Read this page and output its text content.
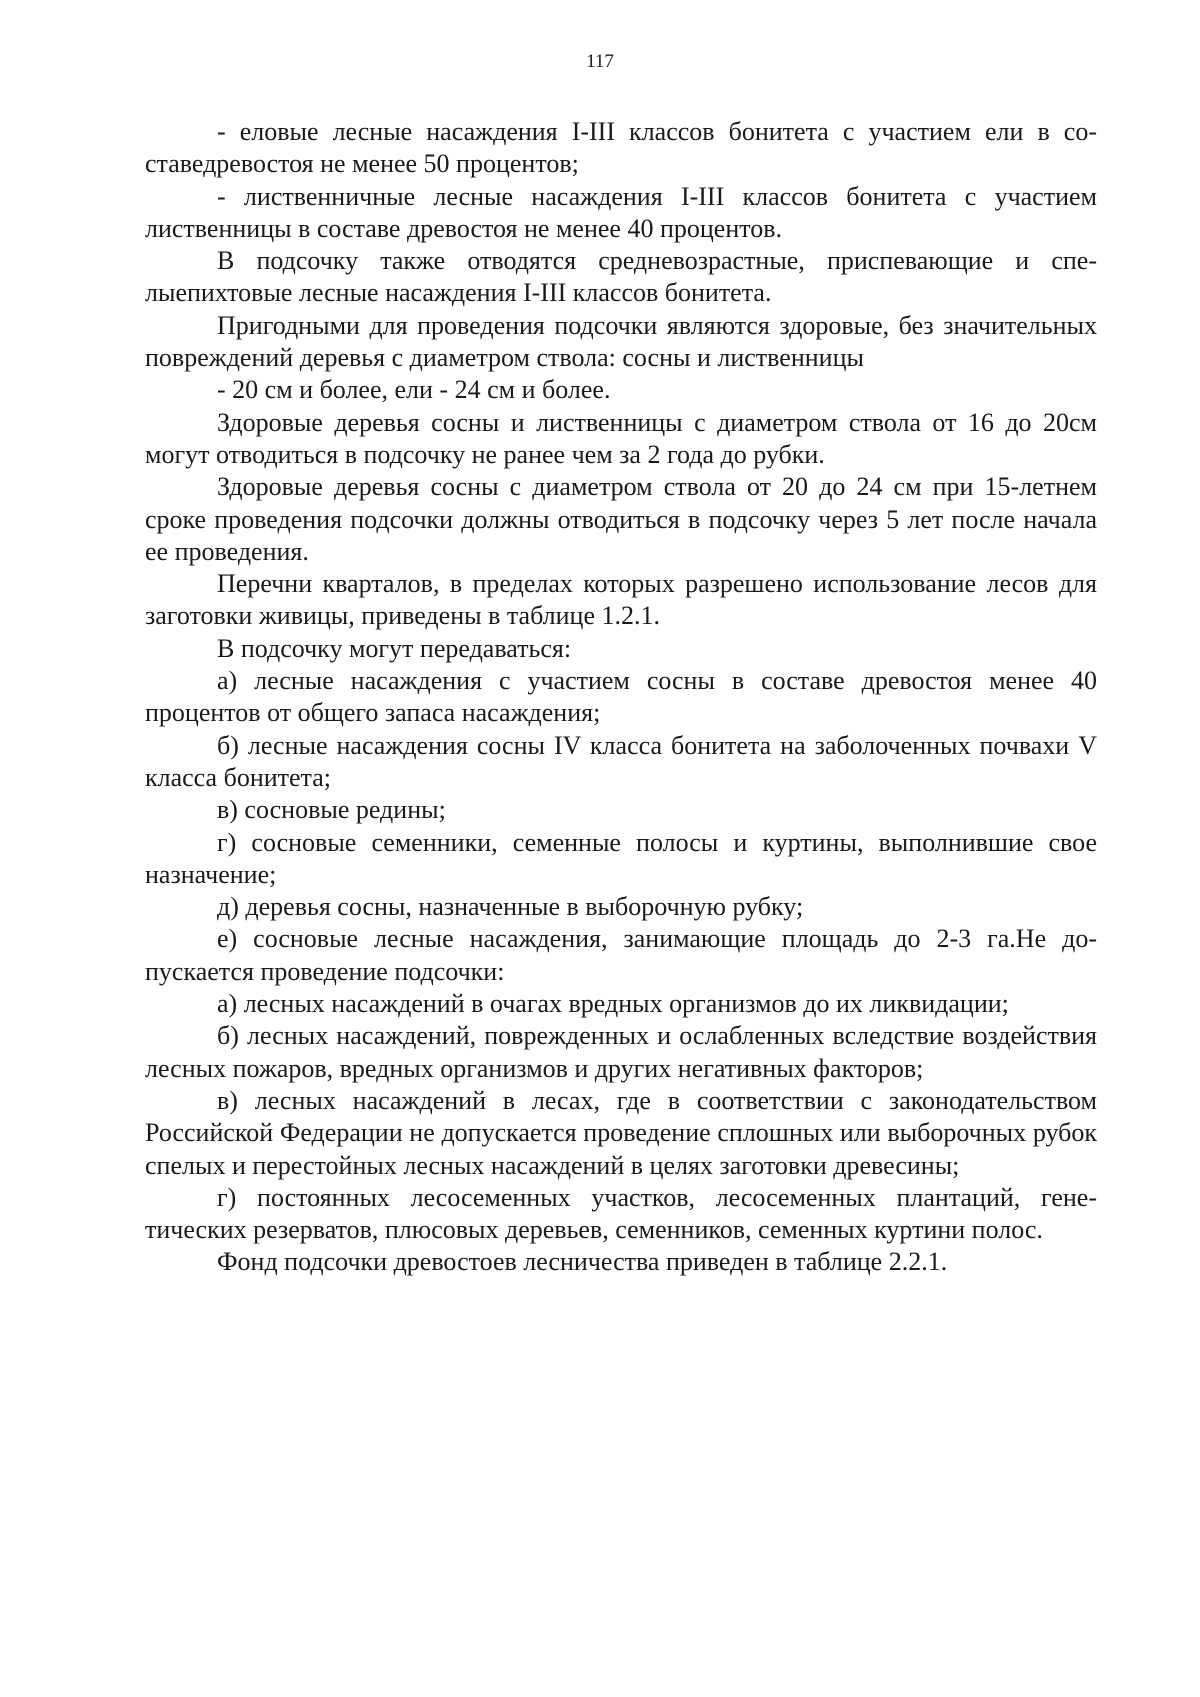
117

- еловые лесные насаждения I-III классов бонитета с участием ели в составедревостоя не менее 50 процентов;

- лиственничные лесные насаждения I-III классов бонитета с участием лиственницы в составе древостоя не менее 40 процентов.

В подсочку также отводятся средневозрастные, приспевающие и спелыепихтовые лесные насаждения I-III классов бонитета.

Пригодными для проведения подсочки являются здоровые, без значительных повреждений деревья с диаметром ствола: сосны и лиственницы

- 20 см и более, ели - 24 см и более.

Здоровые деревья сосны и лиственницы с диаметром ствола от 16 до 20см могут отводиться в подсочку не ранее чем за 2 года до рубки.

Здоровые деревья сосны с диаметром ствола от 20 до 24 см при 15-летнем сроке проведения подсочки должны отводиться в подсочку через 5 лет после начала ее проведения.

Перечни кварталов, в пределах которых разрешено использование лесов для заготовки живицы, приведены в таблице 1.2.1.

В подсочку могут передаваться:

а) лесные насаждения с участием сосны в составе древостоя менее 40 процентов от общего запаса насаждения;

б) лесные насаждения сосны IV класса бонитета на заболоченных почвахи V класса бонитета;

в) сосновые редины;

г) сосновые семенники, семенные полосы и куртины, выполнившие свое назначение;

д) деревья сосны, назначенные в выборочную рубку;

е) сосновые лесные насаждения, занимающие площадь до 2-3 га.Не допускается проведение подсочки:

а) лесных насаждений в очагах вредных организмов до их ликвидации;

б) лесных насаждений, поврежденных и ослабленных вследствие воздействия лесных пожаров, вредных организмов и других негативных факторов;

в) лесных насаждений в лесах, где в соответствии с законодательством Российской Федерации не допускается проведение сплошных или выборочных рубок спелых и перестойных лесных насаждений в целях заготовки древесины;

г) постоянных лесосеменных участков, лесосеменных плантаций, генетических резерватов, плюсовых деревьев, семенников, семенных куртини полос.

Фонд подсочки древостоев лесничества приведен в таблице 2.2.1.
